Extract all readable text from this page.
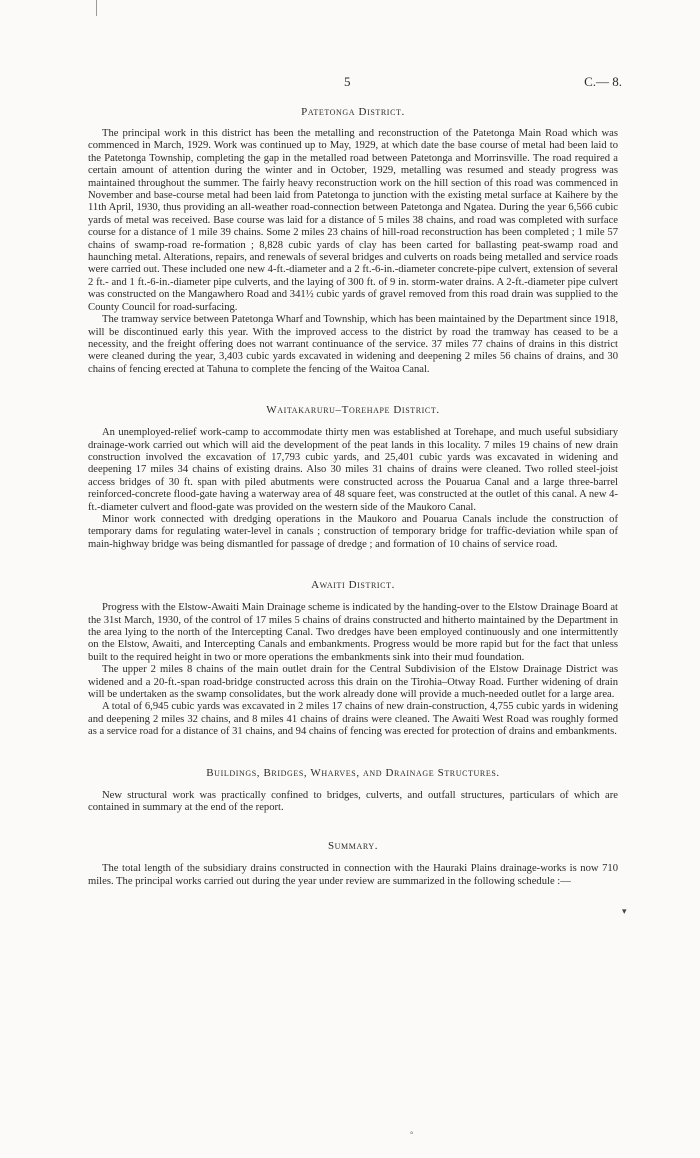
5	C.— 8.
Patetonga District.

The principal work in this district has been the metalling and reconstruction of the Patetonga Main Road which was commenced in March, 1929. Work was continued up to May, 1929, at which date the base course of metal had been laid to the Patetonga Township, completing the gap in the metalled road between Patetonga and Morrinsville. The road required a certain amount of attention during the winter and in October, 1929, metalling was resumed and steady progress was maintained throughout the summer. The fairly heavy reconstruction work on the hill section of this road was commenced in November and base-course metal had been laid from Patetonga to junction with the existing metal surface at Kaihere by the 11th April, 1930, thus providing an all-weather road-connection between Patetonga and Ngatea. During the year 6,566 cubic yards of metal was received. Base course was laid for a distance of 5 miles 38 chains, and road was completed with surface course for a distance of 1 mile 39 chains. Some 2 miles 23 chains of hill-road reconstruction has been completed ; 1 mile 57 chains of swamp-road re-formation ; 8,828 cubic yards of clay has been carted for ballasting peat-swamp road and haunching metal. Alterations, repairs, and renewals of several bridges and culverts on roads being metalled and service roads were carried out. These included one new 4-ft.-diameter and a 2 ft.-6-in.-diameter concrete-pipe culvert, extension of several 2 ft.- and 1 ft.-6-in.-diameter pipe culverts, and the laying of 300 ft. of 9 in. storm-water drains. A 2-ft.-diameter pipe culvert was constructed on the Mangawhero Road and 341½ cubic yards of gravel removed from this road drain was supplied to the County Council for road-surfacing.

The tramway service between Patetonga Wharf and Township, which has been maintained by the Department since 1918, will be discontinued early this year. With the improved access to the district by road the tramway has ceased to be a necessity, and the freight offering does not warrant continuance of the service. 37 miles 77 chains of drains in this district were cleaned during the year, 3,403 cubic yards excavated in widening and deepening 2 miles 56 chains of drains, and 30 chains of fencing erected at Tahuna to complete the fencing of the Waitoa Canal.

Waitakaruru–Torehape District.

An unemployed-relief work-camp to accommodate thirty men was established at Torehape, and much useful subsidiary drainage-work carried out which will aid the development of the peat lands in this locality. 7 miles 19 chains of new drain construction involved the excavation of 17,793 cubic yards, and 25,401 cubic yards was excavated in widening and deepening 17 miles 34 chains of existing drains. Also 30 miles 31 chains of drains were cleaned. Two rolled steel-joist access bridges of 30 ft. span with piled abutments were constructed across the Pouarua Canal and a large three-barrel reinforced-concrete flood-gate having a waterway area of 48 square feet, was constructed at the outlet of this canal. A new 4-ft.-diameter culvert and flood-gate was provided on the western side of the Maukoro Canal.

Minor work connected with dredging operations in the Maukoro and Pouarua Canals include the construction of temporary dams for regulating water-level in canals ; construction of temporary bridge for traffic-deviation while span of main-highway bridge was being dismantled for passage of dredge ; and formation of 10 chains of service road.

Awaiti District.

Progress with the Elstow-Awaiti Main Drainage scheme is indicated by the handing-over to the Elstow Drainage Board at the 31st March, 1930, of the control of 17 miles 5 chains of drains constructed and hitherto maintained by the Department in the area lying to the north of the Intercepting Canal. Two dredges have been employed continuously and one intermittently on the Elstow, Awaiti, and Intercepting Canals and embankments. Progress would be more rapid but for the fact that unless built to the required height in two or more operations the embankments sink into their mud foundation.

The upper 2 miles 8 chains of the main outlet drain for the Central Subdivision of the Elstow Drainage District was widened and a 20-ft.-span road-bridge constructed across this drain on the Tirohia–Otway Road. Further widening of drain will be undertaken as the swamp consolidates, but the work already done will provide a much-needed outlet for a large area.

A total of 6,945 cubic yards was excavated in 2 miles 17 chains of new drain-construction, 4,755 cubic yards in widening and deepening 2 miles 32 chains, and 8 miles 41 chains of drains were cleaned. The Awaiti West Road was roughly formed as a service road for a distance of 31 chains, and 94 chains of fencing was erected for protection of drains and embankments.

Buildings, Bridges, Wharves, and Drainage Structures.

New structural work was practically confined to bridges, culverts, and outfall structures, particulars of which are contained in summary at the end of the report.

Summary.

The total length of the subsidiary drains constructed in connection with the Hauraki Plains drainage-works is now 710 miles. The principal works carried out during the year under review are summarized in the following schedule :—

▾
°
